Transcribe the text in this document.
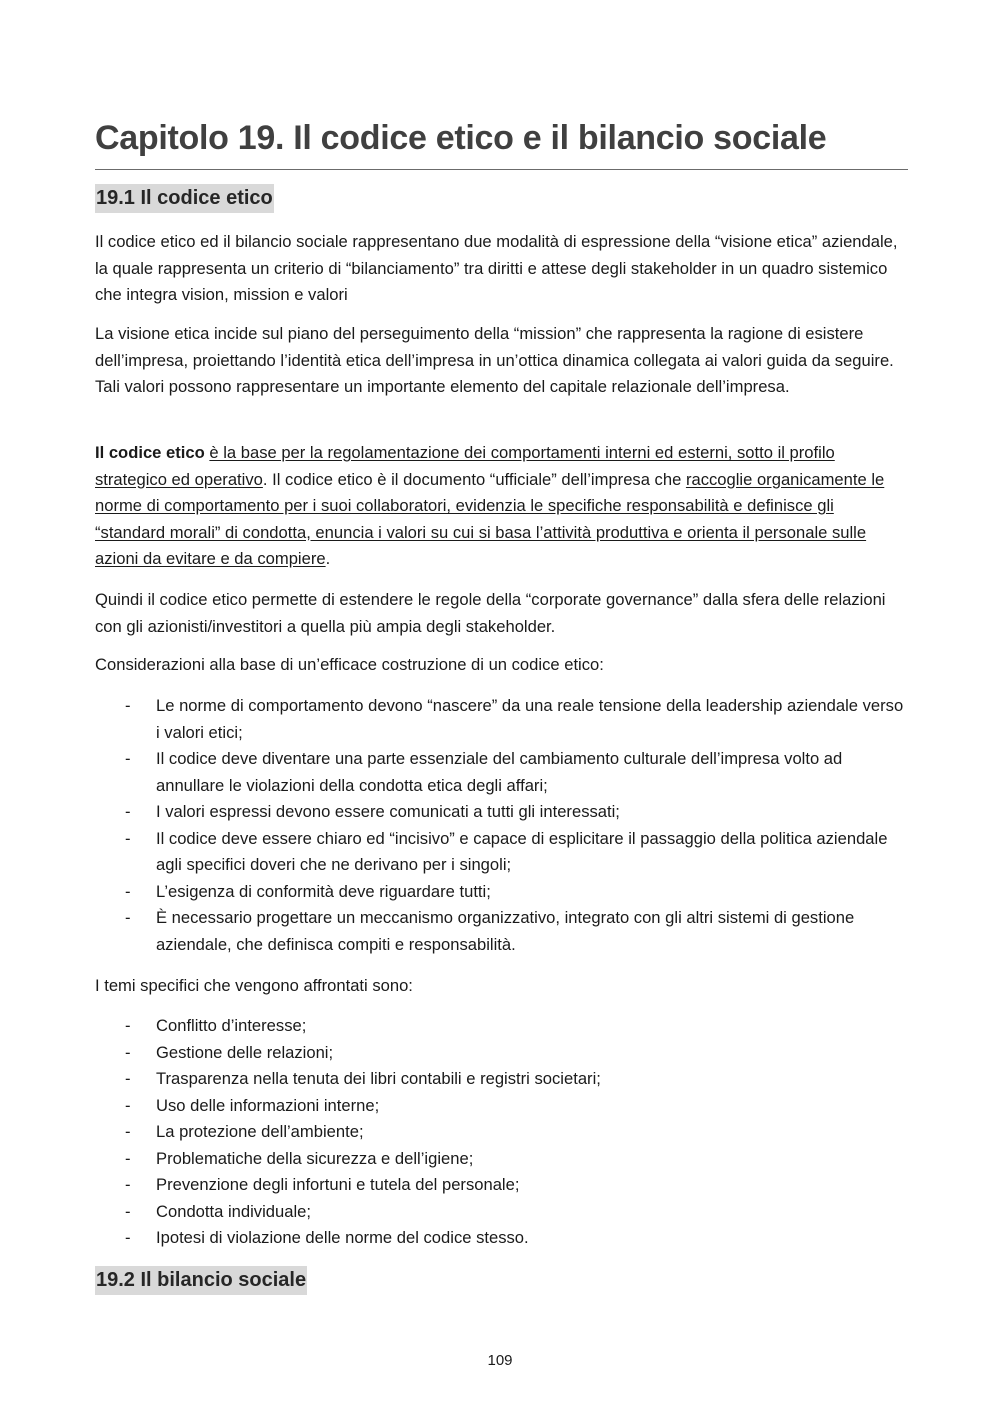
Capitolo 19. Il codice etico e il bilancio sociale
19.1 Il codice etico

Il codice etico ed il bilancio sociale rappresentano due modalità di espressione della “visione etica” aziendale, la quale rappresenta un criterio di “bilanciamento” tra diritti e attese degli stakeholder in un quadro sistemico che integra vision, mission e valori

La visione etica incide sul piano del perseguimento della “mission” che rappresenta la ragione di esistere dell’impresa, proiettando l’identità etica dell’impresa in un’ottica dinamica collegata ai valori guida da seguire. Tali valori possono rappresentare un importante elemento del capitale relazionale dell’impresa.

Il codice etico è la base per la regolamentazione dei comportamenti interni ed esterni, sotto il profilo strategico ed operativo. Il codice etico è il documento “ufficiale” dell’impresa che raccoglie organicamente le norme di comportamento per i suoi collaboratori, evidenzia le specifiche responsabilità e definisce gli “standard morali” di condotta, enuncia i valori su cui si basa l’attività produttiva e orienta il personale sulle azioni da evitare e da compiere.

Quindi il codice etico permette di estendere le regole della “corporate governance” dalla sfera delle relazioni con gli azionisti/investitori a quella più ampia degli stakeholder.

Considerazioni alla base di un’efficace costruzione di un codice etico:

- Le norme di comportamento devono “nascere” da una reale tensione della leadership aziendale verso i valori etici;
- Il codice deve diventare una parte essenziale del cambiamento culturale dell’impresa volto ad annullare le violazioni della condotta etica degli affari;
- I valori espressi devono essere comunicati a tutti gli interessati;
- Il codice deve essere chiaro ed “incisivo” e capace di esplicitare il passaggio della politica aziendale agli specifici doveri che ne derivano per i singoli;
- L’esigenza di conformità deve riguardare tutti;
- È necessario progettare un meccanismo organizzativo, integrato con gli altri sistemi di gestione aziendale, che definisca compiti e responsabilità.

I temi specifici che vengono affrontati sono:

- Conflitto d’interesse;
- Gestione delle relazioni;
- Trasparenza nella tenuta dei libri contabili e registri societari;
- Uso delle informazioni interne;
- La protezione dell’ambiente;
- Problematiche della sicurezza e dell’igiene;
- Prevenzione degli infortuni e tutela del personale;
- Condotta individuale;
- Ipotesi di violazione delle norme del codice stesso.
19.2 Il bilancio sociale
109
